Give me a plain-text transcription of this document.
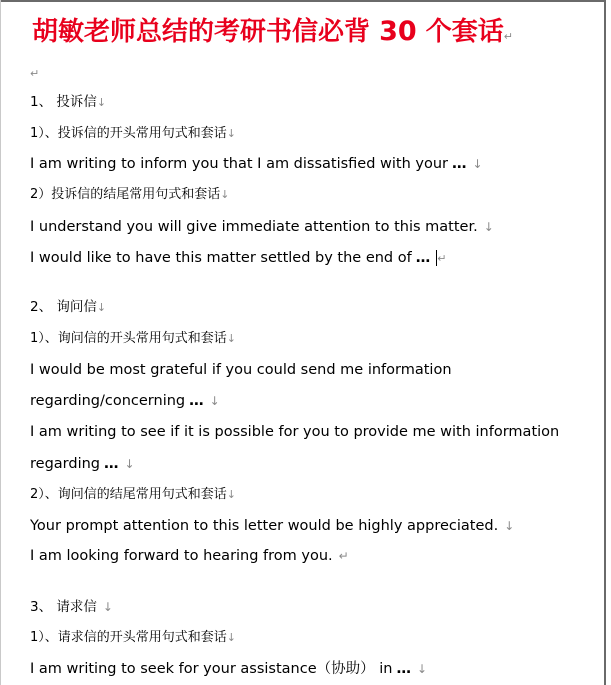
胡敏老师总结的考研书信必背 30 个套话↵
↵
1、 投诉信↓
1）、投诉信的开头常用句式和套话↓
I am writing to inform you that I am dissatisfied with your … ↓
2）投诉信的结尾常用句式和套话↓
I understand you will give immediate attention to this matter. ↓
I would like to have this matter settled by the end of … ↵
2、 询问信↓
1）、询问信的开头常用句式和套话↓
I would be most grateful if you could send me information
regarding/concerning … ↓
I am writing to see if it is possible for you to provide me with information
regarding … ↓
2）、询问信的结尾常用句式和套话↓
Your prompt attention to this letter would be highly appreciated. ↓
I am looking forward to hearing from you. ↵
3、 请求信 ↓
1）、请求信的开头常用句式和套话↓
I am writing to seek for your assistance（协助） in … ↓
